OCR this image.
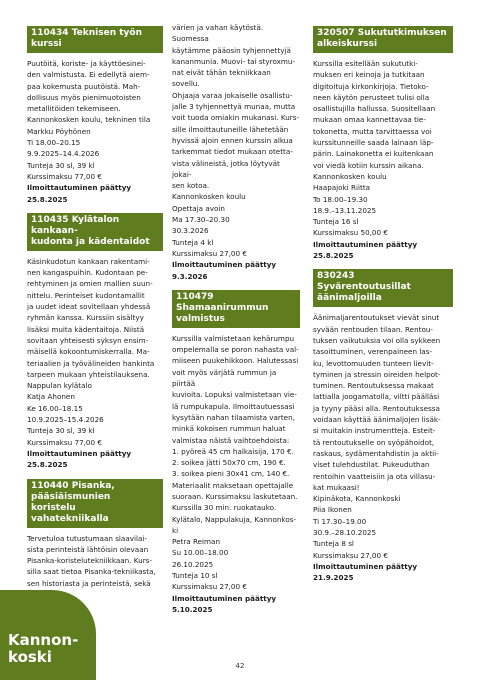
110434 Teknisen työn
kurssi

Puutöitä, koriste- ja käyttöesinei-
den valmistusta. Ei edellytä aiem-
paa kokemusta puutöistä. Mah-
dollisuus myös pienimuotoisten
metallitöiden tekemiseen.

Kannonkosken koulu, tekninen tila
Markku Pöyhönen
Ti 18.00–20.15
9.9.2025–14.4.2026
Tunteja 30 sl, 39 kl
Kurssimaksu 77,00 €
Ilmoittautuminen päättyy
25.8.2025
110435 Kylätalon kankaan-
kudonta ja kädentaidot

Käsinkudotun kankaan rakentami-
nen kangaspuihin. Kudontaan pe-
rehtyminen ja omien mallien suun-
nittelu. Perinteiset kudontamallit
ja uudet ideat sovitellaan yhdessä
ryhmän kanssa. Kurssiin sisältyy
lisäksi muita kädentaitoja. Niistä
sovitaan yhteisesti syksyn ensim-
mäisellä kokoontumiskerralla. Ma-
teriaalien ja työvälineiden hankinta
tarpeen mukaan yhteistilauksena.

Nappulan kylätalo
Katja Ahonen
Ke 16.00–18.15
10.9.2025–15.4.2026
Tunteja 30 sl, 39 kl
Kurssimaksu 77,00 €
Ilmoittautuminen päättyy
25.8.2025
110440 Pisanka,
pääsiäismunien koristelu
vahatekniikalla

Tervetuloa tutustumaan slaavilai-
sista perinteistä lähtöisin olevaan
Pisanka-koristelutekniikkaan. Kurs-
silla saat tietoa Pisanka-tekniikasta,
sen historiasta ja perinteistä, sekä

värien ja vahan käytöstä. Suomessa
käytämme pääosin tyhjennettyjä
kananmunia. Muovi- tai styroxmu-
nat eivät tähän tekniikkaan sovellu.
Ohjaaja varaa jokaiselle osallistu-
jalle 3 tyhjennettyä munaa, mutta
voit tuoda omiakin mukanasi. Kurs-
sille ilmoittautuneille lähetetään
hyvissä ajoin ennen kurssin alkua
tarkemmat tiedot mukaan otetta-
vista välineistä, jotka löytyvät jokai-
sen kotoa.

Kannonkosken koulu
Opettaja avoin
Ma 17.30–20.30
30.3.2026
Tunteja 4 kl
Kurssimaksu 27,00 €
Ilmoittautuminen päättyy
9.3.2026
110479 Shamaanirummun
valmistus

Kurssilla valmistetaan kehärumpu
ompelemalla se poron nahasta val-
miiseen puukehikkoon. Halutessasi
voit myös värjätä rummun ja piirtää
kuvioita. Lopuksi valmistetaan vie-
lä rumpukapula. Ilmoittautuessasi
kysytään nahan tilaamista varten,
minkä kokoisen rummun haluat
valmistaa näistä vaihtoehdoista:
1. pyöreä 45 cm halkaisija, 170 €.
2. soikea jätti 50x70 cm, 190 €.
3. soikea pieni 30x41 cm, 140 €.
Materiaalit maksetaan opettajalle
suoraan. Kurssimaksu laskutetaan.
Kurssilla 30 min. ruokatauko.

Kylätalo, Nappulakuja, Kannonkos-
ki
Petra Reiman
Su 10.00–18.00
26.10.2025
Tunteja 10 sl
Kurssimaksu 27,00 €
Ilmoittautuminen päättyy
5.10.2025
320507 Sukututkimuksen
alkeiskurssi

Kurssilla esitellään sukututki-
muksen eri keinoja ja tutkitaan
digitoituja kirkonkirjoja. Tietoko-
neen käytön perusteet tulisi olla
osallistujilla hallussa. Suositellaan
mukaan omaa kannettavaa tie-
tokonetta, mutta tarvittaessa voi
kurssitunneille saada lainaan läp-
pärin. Lainakonetta ei kuitenkaan
voi viedä kotiin kurssin aikana.

Kannonkosken koulu
Haapajoki Riitta
To 18.00–19.30
18.9.–13.11.2025
Tunteja 16 sl
Kurssimaksu 50,00 €
Ilmoittautuminen päättyy
25.8.2025
830243 Syvärentoutusillat
äänimaljoilla

Äänimaljarentoutukset vievät sinut
syvään rentouden tilaan. Rentou-
tuksen vaikutuksia voi olla sykkeen
tasoittuminen, verenpaineen las-
ku, levottomuuden tunteen lievit-
tyminen ja stressin oireiden helpot-
tuminen. Rentoutuksessa makaat
lattialla joogamatolla, viltti päälläsi
ja tyyny pääsi alla. Rentoutuksessa
voidaan käyttää äänimaljojen lisäk-
si muitakin instrumentteja. Esteit-
tä rentoutukselle on syöpähoidot,
raskaus, sydämentahdistin ja aktii-
viset tulehdustilat. Pukeuduthan
rentoihin vaatteisiin ja ota villasu-
kat mukaasi!

Kipinäkota, Kannonkoski
Piia Ikonen
Ti 17.30–19.00
30.9.–28.10.2025
Tunteja 8 sl
Kurssimaksu 27,00 €
Ilmoittautuminen päättyy
21.9.2025
Kannon-
koski	42
